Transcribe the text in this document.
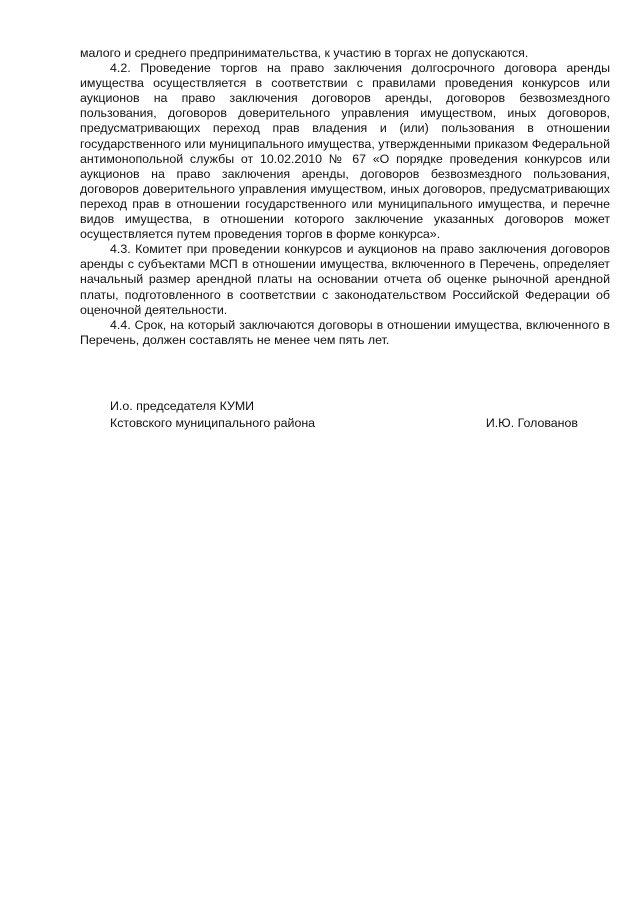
малого и среднего предпринимательства, к участию в торгах не допускаются.

4.2. Проведение торгов на право заключения долгосрочного договора аренды имущества осуществляется в соответствии с правилами проведения конкурсов или аукционов на право заключения договоров аренды, договоров безвозмездного пользования, договоров доверительного управления имуществом, иных договоров, предусматривающих переход прав владения и (или) пользования в отношении государственного или муниципального имущества, утвержденными приказом Федеральной антимонопольной службы от 10.02.2010 № 67 «О порядке проведения конкурсов или аукционов на право заключения аренды, договоров безвозмездного пользования, договоров доверительного управления имуществом, иных договоров, предусматривающих переход прав в отношении государственного или муниципального имущества, и перечне видов имущества, в отношении которого заключение указанных договоров может осуществляется путем проведения торгов в форме конкурса».

4.3. Комитет при проведении конкурсов и аукционов на право заключения договоров аренды с субъектами МСП в отношении имущества, включенного в Перечень, определяет начальный размер арендной платы на основании отчета об оценке рыночной арендной платы, подготовленного в соответствии с законодательством Российской Федерации об оценочной деятельности.

4.4. Срок, на который заключаются договоры в отношении имущества, включенного в Перечень, должен составлять не менее чем пять лет.

И.о. председателя КУМИ
Кстовского муниципального района	И.Ю. Голованов
